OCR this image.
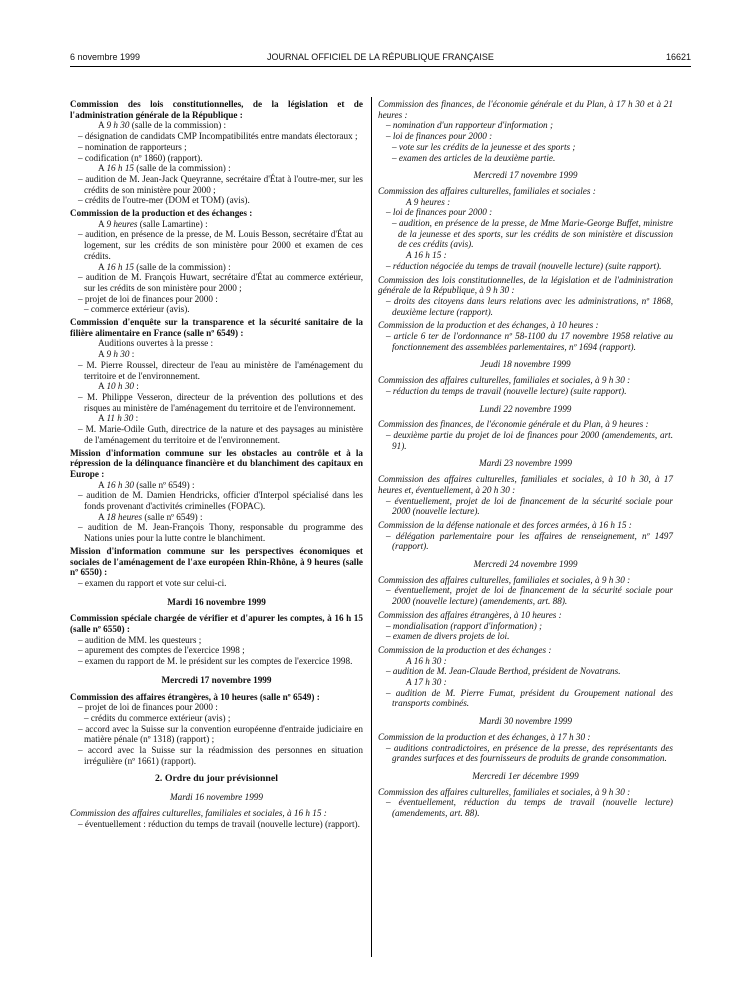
6 novembre 1999	JOURNAL OFFICIEL DE LA RÉPUBLIQUE FRANÇAISE	16621

Commission des lois constitutionnelles, de la législation et de l'administration générale de la République :

A 9 h 30 (salle de la commission) :

– désignation de candidats CMP Incompatibilités entre mandats électoraux ;

– nomination de rapporteurs ;

– codification (nº 1860) (rapport).

A 16 h 15 (salle de la commission) :

– audition de M. Jean-Jack Queyranne, secrétaire d'État à l'outre-mer, sur les crédits de son ministère pour 2000 ;

– crédits de l'outre-mer (DOM et TOM) (avis).

Commission de la production et des échanges :

A 9 heures (salle Lamartine) :

– audition, en présence de la presse, de M. Louis Besson, secrétaire d'État au logement, sur les crédits de son ministère pour 2000 et examen de ces crédits.

A 16 h 15 (salle de la commission) :

– audition de M. François Huwart, secrétaire d'État au commerce extérieur, sur les crédits de son ministère pour 2000 ;

– projet de loi de finances pour 2000 :

– commerce extérieur (avis).

Commission d'enquête sur la transparence et la sécurité sanitaire de la filière alimentaire en France (salle nº 6549) :

Auditions ouvertes à la presse :

A 9 h 30 :

– M. Pierre Roussel, directeur de l'eau au ministère de l'aménagement du territoire et de l'environnement.

A 10 h 30 :

– M. Philippe Vesseron, directeur de la prévention des pollutions et des risques au ministère de l'aménagement du territoire et de l'environnement.

A 11 h 30 :

– M. Marie-Odile Guth, directrice de la nature et des paysages au ministère de l'aménagement du territoire et de l'environnement.

Mission d'information commune sur les obstacles au contrôle et à la répression de la délinquance financière et du blanchiment des capitaux en Europe :

A 16 h 30 (salle nº 6549) :

– audition de M. Damien Hendricks, officier d'Interpol spécialisé dans les fonds provenant d'activités criminelles (FOPAC).

A 18 heures (salle nº 6549) :

– audition de M. Jean-François Thony, responsable du programme des Nations unies pour la lutte contre le blanchiment.

Mission d'information commune sur les perspectives économiques et sociales de l'aménagement de l'axe européen Rhin-Rhône, à 9 heures (salle nº 6550) :

– examen du rapport et vote sur celui-ci.

Mardi 16 novembre 1999

Commission spéciale chargée de vérifier et d'apurer les comptes, à 16 h 15 (salle nº 6550) :

– audition de MM. les questeurs ;

– apurement des comptes de l'exercice 1998 ;

– examen du rapport de M. le président sur les comptes de l'exercice 1998.

Mercredi 17 novembre 1999

Commission des affaires étrangères, à 10 heures (salle nº 6549) :

– projet de loi de finances pour 2000 :

– crédits du commerce extérieur (avis) ;

– accord avec la Suisse sur la convention européenne d'entraide judiciaire en matière pénale (nº 1318) (rapport) ;

– accord avec la Suisse sur la réadmission des personnes en situation irrégulière (nº 1661) (rapport).

2. Ordre du jour prévisionnel
Mardi 16 novembre 1999

Commission des affaires culturelles, familiales et sociales, à 16 h 15 :

– éventuellement : réduction du temps de travail (nouvelle lecture) (rapport).

Commission des finances, de l'économie générale et du Plan, à 17 h 30 et à 21 heures :

– nomination d'un rapporteur d'information ;

– loi de finances pour 2000 :

– vote sur les crédits de la jeunesse et des sports ;

– examen des articles de la deuxième partie.

Mercredi 17 novembre 1999

Commission des affaires culturelles, familiales et sociales :

A 9 heures :

– loi de finances pour 2000 :

– audition, en présence de la presse, de Mme Marie-George Buffet, ministre de la jeunesse et des sports, sur les crédits de son ministère et discussion de ces crédits (avis).

A 16 h 15 :

– réduction négociée du temps de travail (nouvelle lecture) (suite rapport).

Commission des lois constitutionnelles, de la législation et de l'administration générale de la République, à 9 h 30 :

– droits des citoyens dans leurs relations avec les administrations, nº 1868, deuxième lecture (rapport).

Commission de la production et des échanges, à 10 heures :

– article 6 ter de l'ordonnance nº 58-1100 du 17 novembre 1958 relative au fonctionnement des assemblées parlementaires, nº 1694 (rapport).

Jeudi 18 novembre 1999

Commission des affaires culturelles, familiales et sociales, à 9 h 30 :

– réduction du temps de travail (nouvelle lecture) (suite rapport).

Lundi 22 novembre 1999

Commission des finances, de l'économie générale et du Plan, à 9 heures :

– deuxième partie du projet de loi de finances pour 2000 (amendements, art. 91).

Mardi 23 novembre 1999

Commission des affaires culturelles, familiales et sociales, à 10 h 30, à 17 heures et, éventuellement, à 20 h 30 :

– éventuellement, projet de loi de financement de la sécurité sociale pour 2000 (nouvelle lecture).

Commission de la défense nationale et des forces armées, à 16 h 15 :

– délégation parlementaire pour les affaires de renseignement, nº 1497 (rapport).

Mercredi 24 novembre 1999

Commission des affaires culturelles, familiales et sociales, à 9 h 30 :

– éventuellement, projet de loi de financement de la sécurité sociale pour 2000 (nouvelle lecture) (amendements, art. 88).

Commission des affaires étrangères, à 10 heures :

– mondialisation (rapport d'information) ;

– examen de divers projets de loi.

Commission de la production et des échanges :

A 16 h 30 :

– audition de M. Jean-Claude Berthod, président de Novatrans.

A 17 h 30 :

– audition de M. Pierre Fumat, président du Groupement national des transports combinés.

Mardi 30 novembre 1999

Commission de la production et des échanges, à 17 h 30 :

– auditions contradictoires, en présence de la presse, des représentants des grandes surfaces et des fournisseurs de produits de grande consommation.

Mercredi 1er décembre 1999

Commission des affaires culturelles, familiales et sociales, à 9 h 30 :

– éventuellement, réduction du temps de travail (nouvelle lecture) (amendements, art. 88).
